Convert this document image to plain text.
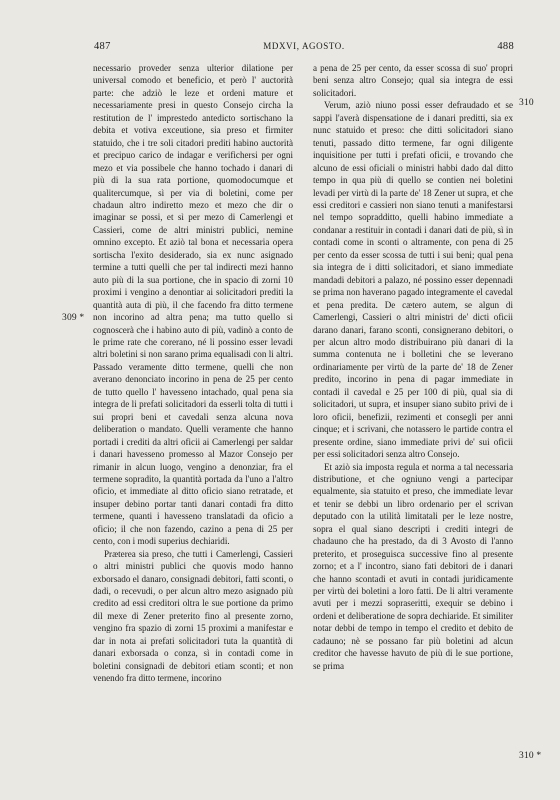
487	MDXVI, AGOSTO.	488
309 *
310
310 *

necessario proveder senza ulterior dilatione per universal comodo et beneficio, et però l' auctorità parte: che adziò le leze et ordeni mature et necessariamente presi in questo Consejo circha la restitution de l' imprestedo antedicto sortischano la debita et votiva exceutione, sia preso et firmiter statuido, che i tre soli citadori prediti habino auctorità et precipuo carico de indagar e verifichersi per ogni mezo et via possibele che hanno tochado i danari di più di la sua rata portione, quomodocumque et qualitercumque, sì per via di boletini, come per chadaun altro indiretto mezo et mezo che dir o imaginar se possi, et sì per mezo di Camerlengi et Cassieri, come de altri ministri publici, nemine omnino excepto. Et aziò tal bona et necessaria opera sortischa l'exito desiderado, sia ex nunc asignado termine a tutti quelli che per tal indirecti mezi hanno auto più di la sua portione, che in spacio di zorni 10 proximi i vengino a denontiar ai solicitadori prediti la quantità auta di più, il che facendo fra ditto termene non incorino ad altra pena; ma tutto quello si cognoscerà che i habino auto di più, vadinò a conto de le prime rate che corerano, né li possino esser levadi altri boletini si non sarano prima equalisadi con li altri. Passado veramente ditto termene, quelli che non averano denonciato incorino in pena de 25 per cento de tutto quello l' havesseno intachado, qual pena sia integra de li prefati solicitadori da esserli tolta di tutti i sui propri beni et cavedali senza alcuna nova deliberation o mandato. Quelli veramente che hanno portadi i crediti da altri oficii ai Camerlengi per saldar i danari havesseno promesso al Mazor Consejo per rimanir in alcun luogo, vengino a denonziar, fra el termene sopradito, la quantità portada da l'uno a l'altro oficio, et immediate al ditto oficio siano retratade, et insuper debino portar tanti danari contadi fra ditto termene, quanti i havesseno translatadi da oficio a oficio; il che non fazendo, cazino a pena di 25 per cento, con i modi superius dechiaridi.

Præterea sia preso, che tutti i Camerlengi, Cassieri o altri ministri publici che quovis modo hanno exborsado el danaro, consignadi debitori, fatti sconti, o dadi, o recevudi, o per alcun altro mezo asignado più credito ad essi creditori oltra le sue portione da primo dil mexe di Zener preterito fino al presente zorno, vengino fra spazio di zorni 15 proximi a manifestar e dar in nota ai prefati solicitadori tuta la quantità di danari exborsada o conza, sì in contadi come in boletini consignadi de debitori etiam sconti; et non venendo fra ditto termene, incorino

a pena de 25 per cento, da esser scossa di suo' propri beni senza altro Consejo; qual sia integra de essi solicitadori.

Verum, aziò niuno possi esser defraudado et se sappi l'averà dispensatione de i danari preditti, sia ex nunc statuido et preso: che ditti solicitadori siano tenuti, passado ditto termene, far ogni diligente inquisitione per tutti i prefati oficii, e trovando che alcuno de essi oficiali o ministri habbi dado dal ditto tempo in qua più di quello se contien nei boletini levadi per virtù di la parte de' 18 Zener ut supra, et che essi creditori e cassieri non siano tenuti a manifestarsi nel tempo sopradditto, quelli habino immediate a condanar a restituir in contadi i danari dati de più, sì in contadi come in sconti o altramente, con pena di 25 per cento da esser scossa de tutti i sui beni; qual pena sia integra de i ditti solicitadori, et siano immediate mandadi debitori a palazo, né possino esser depennadi se prima non haverano pagado integramente el cavedal et pena predita. De cætero autem, se algun di Camerlengi, Cassieri o altri ministri de' dicti oficii darano danari, farano sconti, consignerano debitori, o per alcun altro modo distribuirano più danari di la summa contenuta ne i bolletini che se leverano ordinariamente per virtù de la parte de' 18 de Zener predito, incorino in pena di pagar immediate in contadi il cavedal e 25 per 100 di più, qual sia di solicitadori, ut supra, et insuper siano subito privi de i loro oficii, benefizii, rezimenti et consegli per anni cinque; et i scrivani, che notassero le partide contra el presente ordine, siano immediate privi de' sui oficii per essi solicitadori senza altro Consejo.

Et aziò sia imposta regula et norma a tal necessaria distributione, et che ogniuno vengi a partecipar equalmente, sia statuito et preso, che immediate levar et tenir se debbi un libro ordenario per el scrivan deputado con la utilità limitatali per le leze nostre, sopra el qual siano descripti i crediti integri de chadauno che ha prestado, da di 3 Avosto di l'anno preterito, et proseguisca successive fino al presente zorno; et a l' incontro, siano fati debitori de i danari che hanno scontadi et avuti in contadi juridicamente per virtù dei boletini a loro fatti. De li altri veramente avuti per i mezzi sopraseritti, exequir se debino i ordeni et deliberatione de sopra dechiaride. Et similiter notar debbi de tempo in tempo el credito et debito de cadauno; nè se possano far più boletini ad alcun creditor che havesse havuto de più di le sue portione, se prima
